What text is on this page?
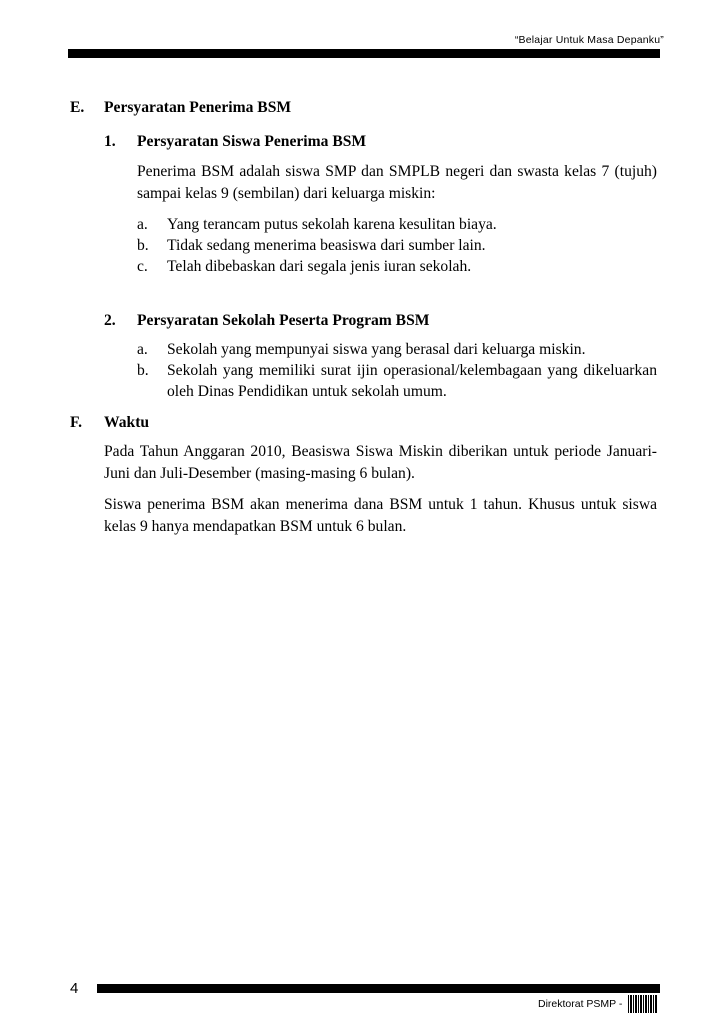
“Belajar Untuk Masa Depanku”
E. Persyaratan Penerima BSM
1. Persyaratan Siswa Penerima BSM
Penerima BSM adalah siswa SMP dan SMPLB negeri dan swasta kelas 7 (tujuh) sampai kelas 9 (sembilan) dari keluarga miskin:
a. Yang terancam putus sekolah karena kesulitan biaya.
b. Tidak sedang menerima beasiswa dari sumber lain.
c. Telah dibebaskan dari segala jenis iuran sekolah.
2. Persyaratan Sekolah Peserta Program BSM
a. Sekolah yang mempunyai siswa yang berasal dari keluarga miskin.
b. Sekolah yang memiliki surat ijin operasional/kelembagaan yang dikeluarkan oleh Dinas Pendidikan untuk sekolah umum.
F. Waktu
Pada Tahun Anggaran 2010, Beasiswa Siswa Miskin diberikan untuk periode Januari-Juni dan Juli-Desember (masing-masing 6 bulan).
Siswa penerima BSM akan menerima dana BSM untuk 1 tahun. Khusus untuk siswa kelas 9 hanya mendapatkan BSM untuk 6 bulan.
4
Direktorat PSMP -
